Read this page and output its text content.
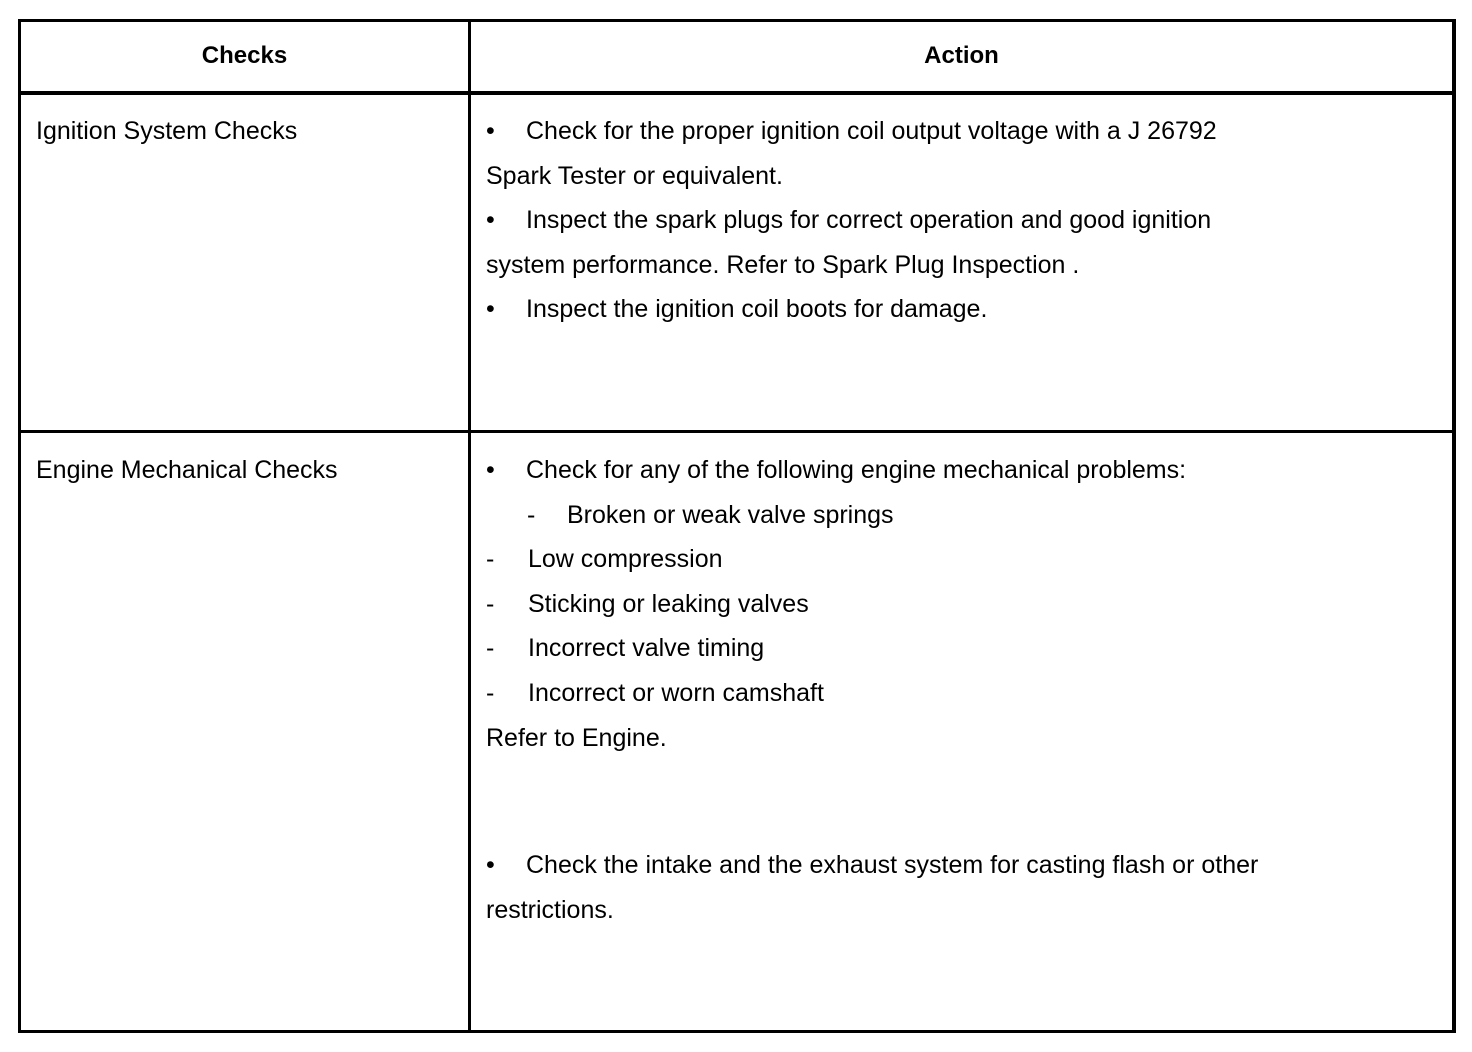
Checks	Action
Ignition System Checks	• Check for the proper ignition coil output voltage with a J 26792
Spark Tester or equivalent.
• Inspect the spark plugs for correct operation and good ignition
system performance. Refer to Spark Plug Inspection .
• Inspect the ignition coil boots for damage.
Engine Mechanical Checks	• Check for any of the following engine mechanical problems:
- Broken or weak valve springs
- Low compression
- Sticking or leaking valves
- Incorrect valve timing
- Incorrect or worn camshaft
Refer to Engine.
• Check the intake and the exhaust system for casting flash or other
restrictions.
